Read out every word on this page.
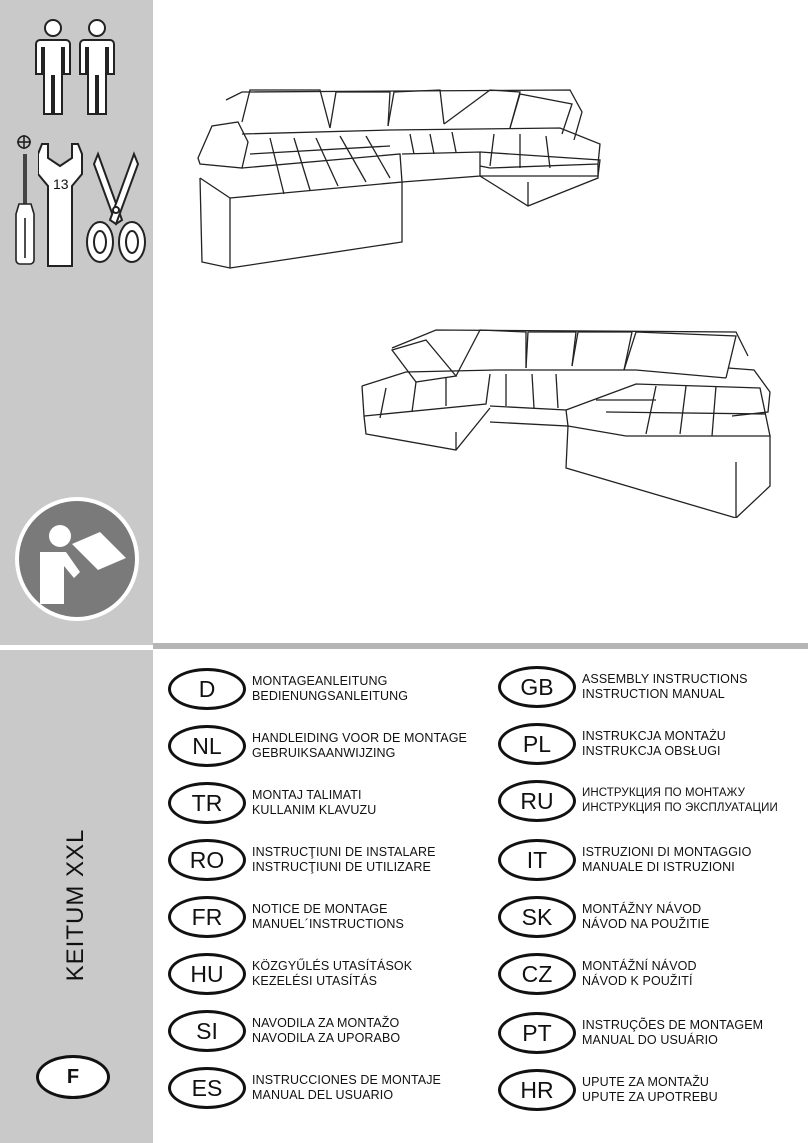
13
KEITUM XXL
F
D	MONTAGEANLEITUNG
BEDIENUNGSANLEITUNG
NL	HANDLEIDING VOOR DE MONTAGE
GEBRUIKSAANWIJZING
TR	MONTAJ TALIMATI
KULLANIM KLAVUZU
RO	INSTRUCŢIUNI DE INSTALARE
INSTRUCŢIUNI DE UTILIZARE
FR	NOTICE DE MONTAGE
MANUEL´INSTRUCTIONS
HU	KÖZGYŰLÉS UTASÍTÁSOK
KEZELÉSI UTASÍTÁS
SI	NAVODILA ZA MONTAŽO
NAVODILA ZA UPORABO
ES	INSTRUCCIONES DE MONTAJE
MANUAL DEL USUARIO
GB	ASSEMBLY INSTRUCTIONS
INSTRUCTION MANUAL
PL	INSTRUKCJA MONTAŻU
INSTRUKCJA OBSŁUGI
RU	ИНСТРУКЦИЯ ПО МОНТАЖУ
ИНСТРУКЦИЯ ПО ЭКСПЛУАТАЦИИ
IT	ISTRUZIONI DI MONTAGGIO
MANUALE DI ISTRUZIONI
SK	MONTÁŽNY NÁVOD
NÁVOD NA POUŽITIE
CZ	MONTÁŽNÍ NÁVOD
NÁVOD K POUŽITÍ
PT	INSTRUÇÕES DE MONTAGEM
MANUAL DO USUÁRIO
HR	UPUTE ZA MONTAŽU
UPUTE ZA UPOTREBU
